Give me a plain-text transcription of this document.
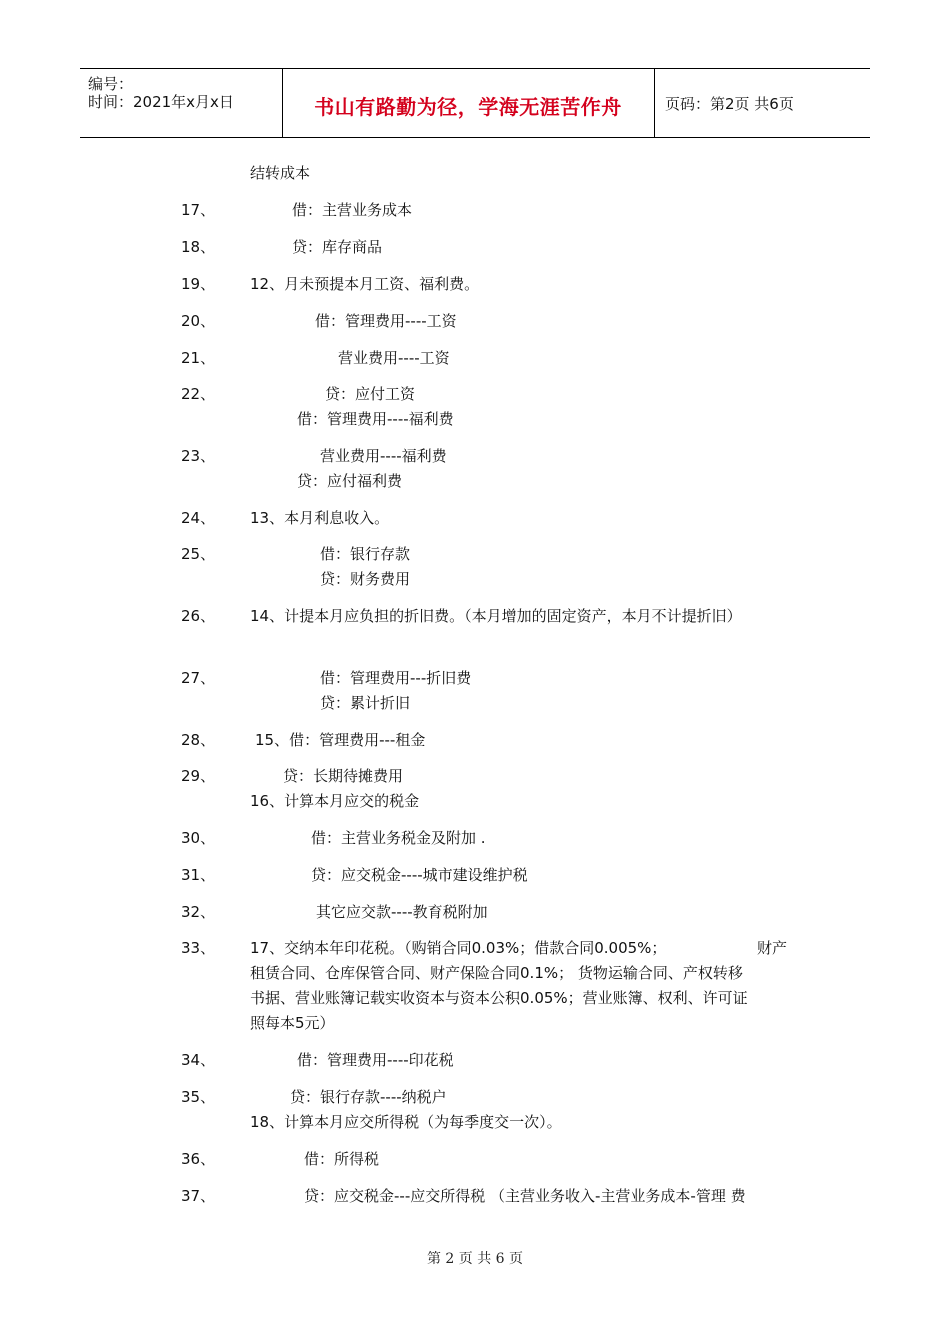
编号：
时间：2021年x月x日	书山有路勤为径，学海无涯苦作舟	页码：第2页 共6页
结转成本
17、	借：主营业务成本
18、	贷：库存商品
19、 12、月未预提本月工资、福利费。
20、	借：管理费用----工资
21、	营业费用----工资
22、	贷：应付工资
借：管理费用----福利费
23、	营业费用----福利费
贷：应付福利费
24、 13、本月利息收入。
25、	借：银行存款
贷：财务费用
26、 14、计提本月应负担的折旧费。（本月增加的固定资产，本月不计提折旧）
27、	借：管理费用---折旧费
贷：累计折旧
28、	15、借：管理费用---租金
29、	贷：长期待摊费用
16、计算本月应交的税金
30、	借：主营业务税金及附加 .
31、	贷：应交税金----城市建设维护税
32、	其它应交款----教育税附加
33、 17、交纳本年印花税。（购销合同0.03%；借款合同0.005%；	财产
租赁合同、仓库保管合同、财产保险合同0.1%； 货物运输合同、产权转移
书据、营业账簿记载实收资本与资本公积0.05%；营业账簿、权利、许可证
照每本5元）
34、	借：管理费用----印花税
35、	贷：银行存款----纳税户
18、计算本月应交所得税（为每季度交一次）。
36、	借：所得税
37、	贷：应交税金---应交所得税 （主营业务收入-主营业务成本-管理 费
第 2 页 共 6 页
